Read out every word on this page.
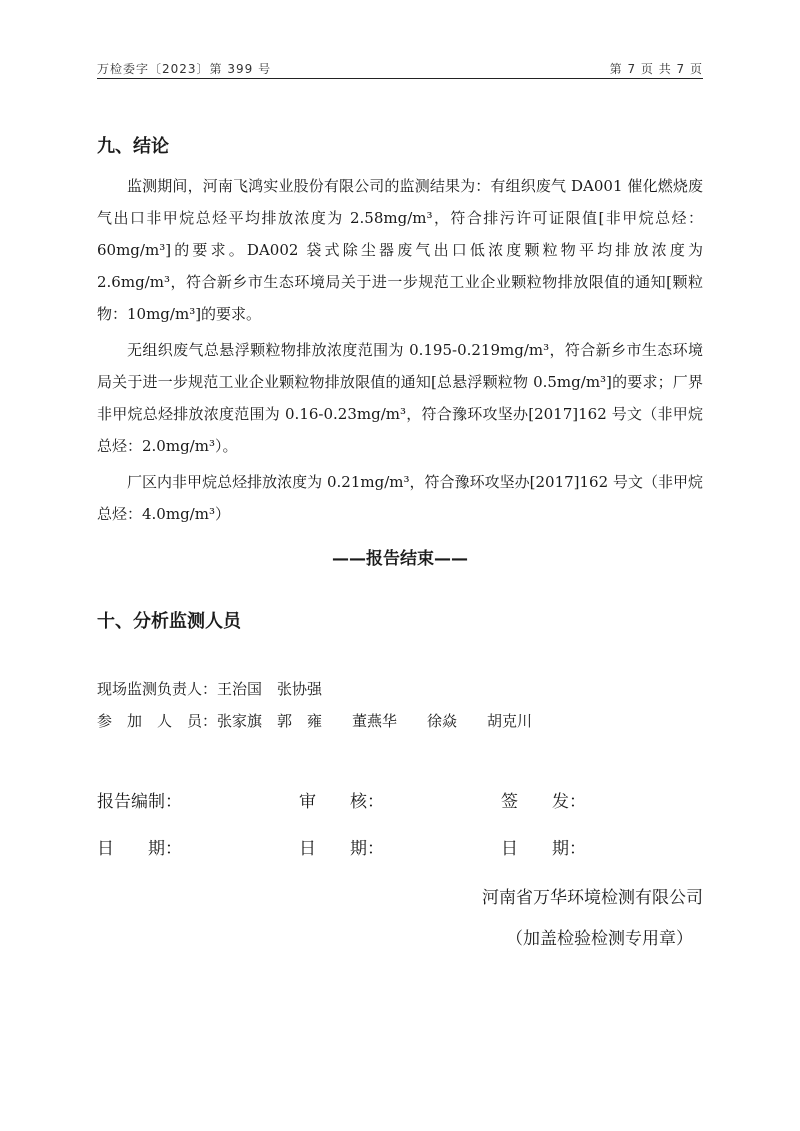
万检委字〔2023〕第 399 号	第 7 页 共 7 页
九、结论

监测期间，河南飞鸿实业股份有限公司的监测结果为：有组织废气 DA001 催化燃烧废气出口非甲烷总烃平均排放浓度为 2.58mg/m³，符合排污许可证限值[非甲烷总烃：60mg/m³]的要求。DA002 袋式除尘器废气出口低浓度颗粒物平均排放浓度为 2.6mg/m³，符合新乡市生态环境局关于进一步规范工业企业颗粒物排放限值的通知[颗粒物：10mg/m³]的要求。

无组织废气总悬浮颗粒物排放浓度范围为 0.195-0.219mg/m³，符合新乡市生态环境局关于进一步规范工业企业颗粒物排放限值的通知[总悬浮颗粒物 0.5mg/m³]的要求；厂界非甲烷总烃排放浓度范围为 0.16-0.23mg/m³，符合豫环攻坚办[2017]162 号文（非甲烷总烃：2.0mg/m³）。

厂区内非甲烷总烃排放浓度为 0.21mg/m³，符合豫环攻坚办[2017]162 号文（非甲烷总烃：4.0mg/m³）

——报告结束——
十、分析监测人员
现场监测负责人：王治国　张协强
参　加　人　员：张家旗　郭　雍　　董燕华　　徐焱　　胡克川
报告编制：	审　　核：	签　　发：
日　　期：	日　　期：	日　　期：
河南省万华环境检测有限公司
（加盖检验检测专用章）
